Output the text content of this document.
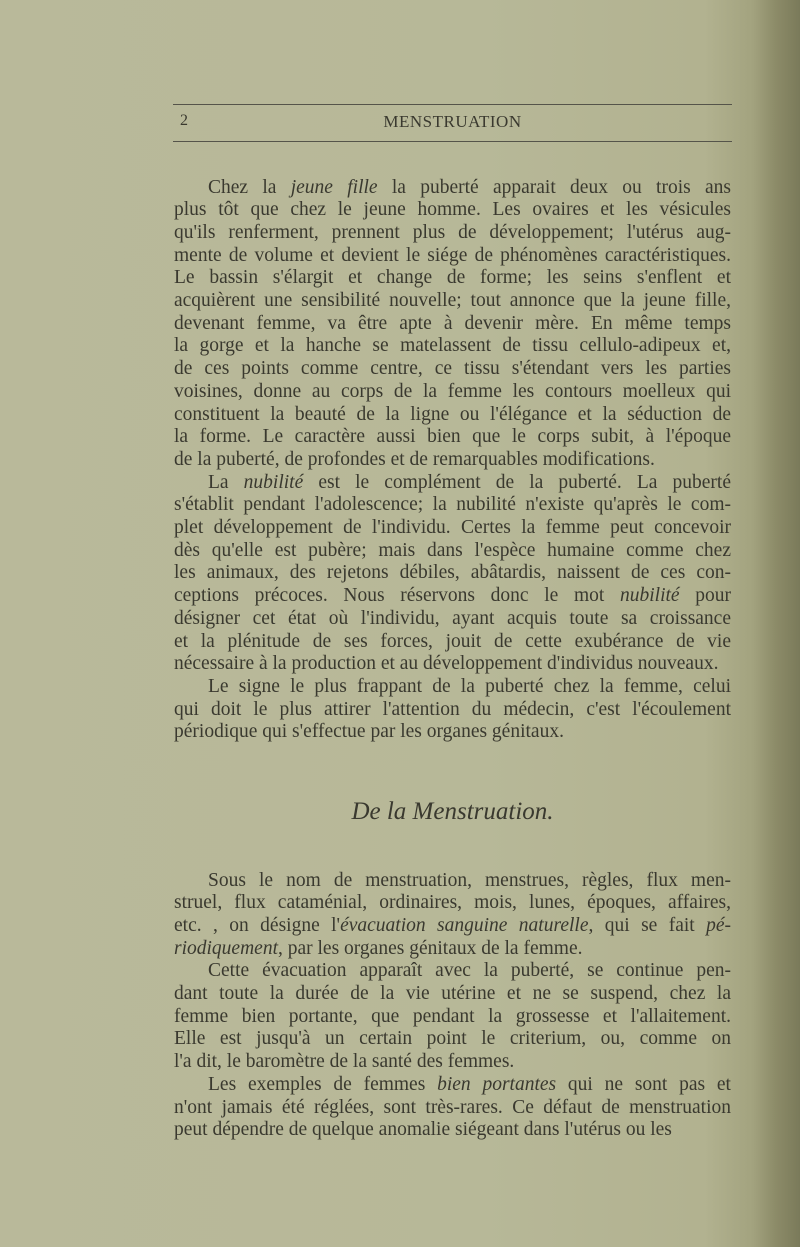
2	MENSTRUATION
Chez la jeune fille la puberté apparait deux ou trois ans
plus tôt que chez le jeune homme. Les ovaires et les vésicules
qu'ils renferment, prennent plus de développement; l'utérus aug-
mente de volume et devient le siége de phénomènes caractéristiques.
Le bassin s'élargit et change de forme; les seins s'enflent et
acquièrent une sensibilité nouvelle; tout annonce que la jeune fille,
devenant femme, va être apte à devenir mère. En même temps
la gorge et la hanche se matelassent de tissu cellulo-adipeux et,
de ces points comme centre, ce tissu s'étendant vers les parties
voisines, donne au corps de la femme les contours moelleux qui
constituent la beauté de la ligne ou l'élégance et la séduction de
la forme. Le caractère aussi bien que le corps subit, à l'époque
de la puberté, de profondes et de remarquables modifications.
La nubilité est le complément de la puberté. La puberté
s'établit pendant l'adolescence; la nubilité n'existe qu'après le com-
plet développement de l'individu. Certes la femme peut concevoir
dès qu'elle est pubère; mais dans l'espèce humaine comme chez
les animaux, des rejetons débiles, abâtardis, naissent de ces con-
ceptions précoces. Nous réservons donc le mot nubilité pour
désigner cet état où l'individu, ayant acquis toute sa croissance
et la plénitude de ses forces, jouit de cette exubérance de vie
nécessaire à la production et au développement d'individus nouveaux.
Le signe le plus frappant de la puberté chez la femme, celui
qui doit le plus attirer l'attention du médecin, c'est l'écoulement
périodique qui s'effectue par les organes génitaux.
Sous le nom de menstruation, menstrues, règles, flux men-
struel, flux cataménial, ordinaires, mois, lunes, époques, affaires,
etc. , on désigne l'évacuation sanguine naturelle, qui se fait pé-
riodiquement, par les organes génitaux de la femme.
Cette évacuation apparaît avec la puberté, se continue pen-
dant toute la durée de la vie utérine et ne se suspend, chez la
femme bien portante, que pendant la grossesse et l'allaitement.
Elle est jusqu'à un certain point le criterium, ou, comme on
l'a dit, le baromètre de la santé des femmes.
Les exemples de femmes bien portantes qui ne sont pas et
n'ont jamais été réglées, sont très-rares. Ce défaut de menstruation
peut dépendre de quelque anomalie siégeant dans l'utérus ou les
De la Menstruation.
